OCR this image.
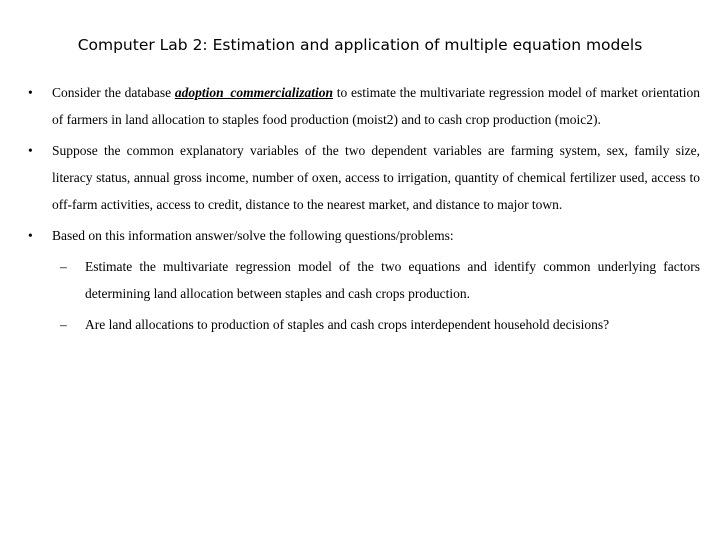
Computer Lab 2: Estimation and application of multiple equation models
• Consider the database adoption_commercialization to estimate the multivariate regression model of market orientation of farmers in land allocation to staples food production (moist2) and to cash crop production (moic2).
• Suppose the common explanatory variables of the two dependent variables are farming system, sex, family size, literacy status, annual gross income, number of oxen, access to irrigation, quantity of chemical fertilizer used, access to off-farm activities, access to credit, distance to the nearest market, and distance to major town.
• Based on this information answer/solve the following questions/problems:
– Estimate the multivariate regression model of the two equations and identify common underlying factors determining land allocation between staples and cash crops production.
– Are land allocations to production of staples and cash crops interdependent household decisions?
